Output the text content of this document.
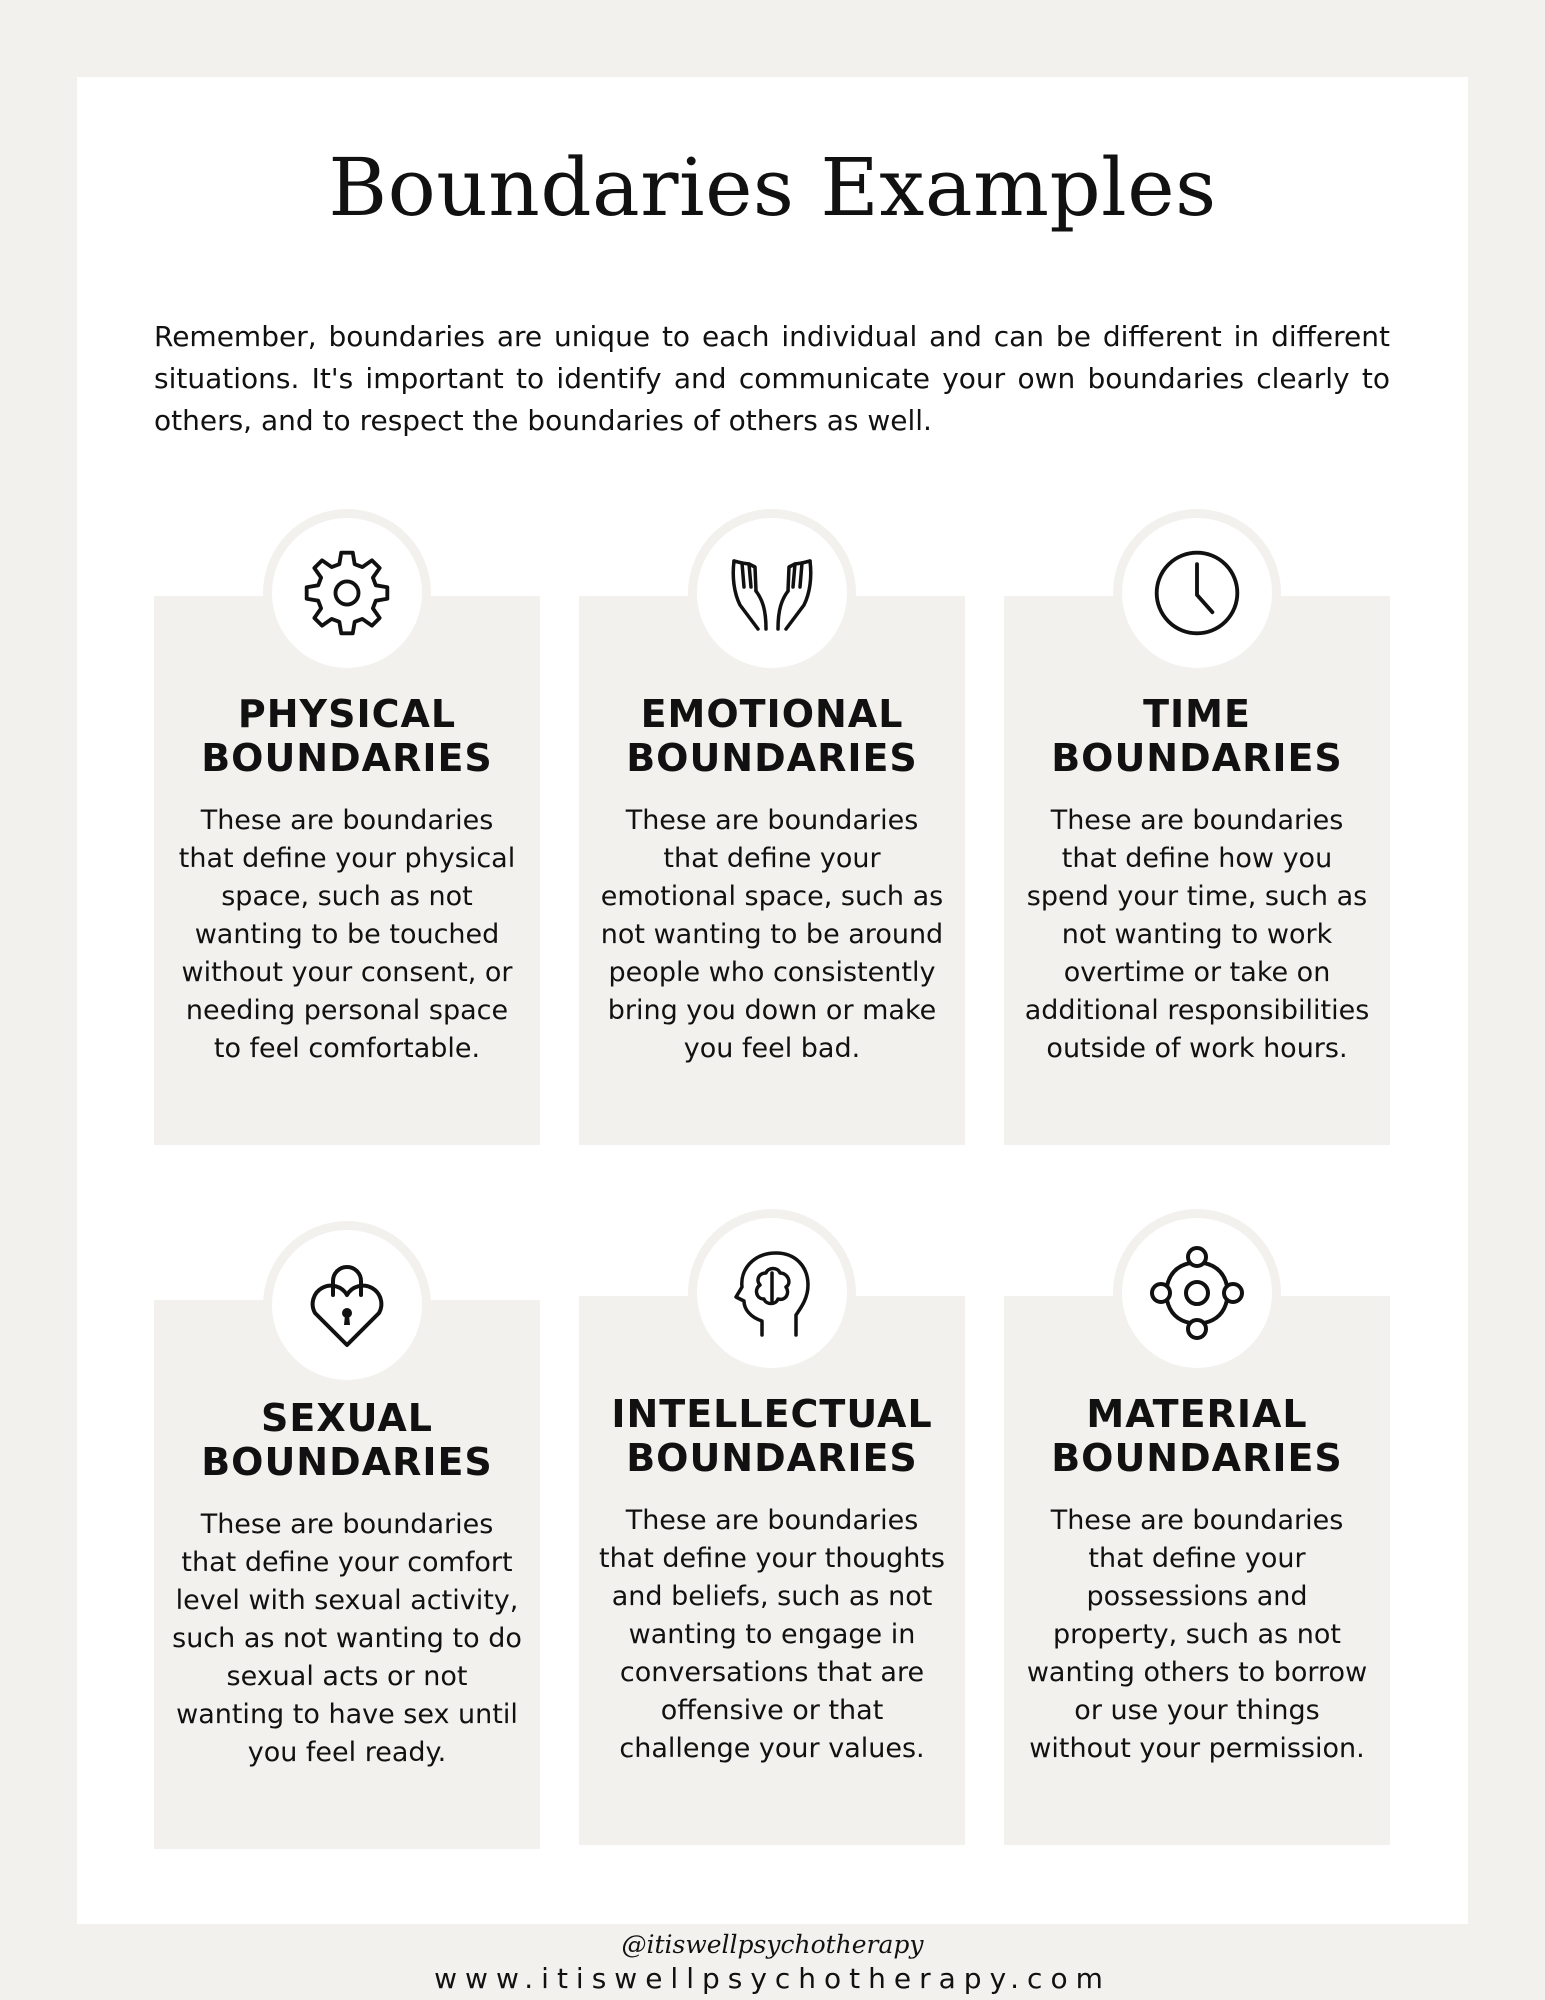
Boundaries Examples

Remember, boundaries are unique to each individual and can be different in different situations. It's important to identify and communicate your own boundaries clearly to others, and to respect the boundaries of others as well.

PHYSICAL
BOUNDARIES

These are boundaries that define your physical space, such as not wanting to be touched without your consent, or needing personal space to feel comfortable.

EMOTIONAL
BOUNDARIES

These are boundaries that define your emotional space, such as not wanting to be around people who consistently bring you down or make you feel bad.

TIME
BOUNDARIES

These are boundaries that define how you spend your time, such as not wanting to work overtime or take on additional responsibilities outside of work hours.

SEXUAL
BOUNDARIES

These are boundaries that define your comfort level with sexual activity, such as not wanting to do sexual acts or not wanting to have sex until you feel ready.

INTELLECTUAL
BOUNDARIES

These are boundaries that define your thoughts and beliefs, such as not wanting to engage in conversations that are offensive or that challenge your values.

MATERIAL
BOUNDARIES

These are boundaries that define your possessions and property, such as not wanting others to borrow or use your things without your permission.

@itiswellpsychotherapy
www.itiswellpsychotherapy.com
